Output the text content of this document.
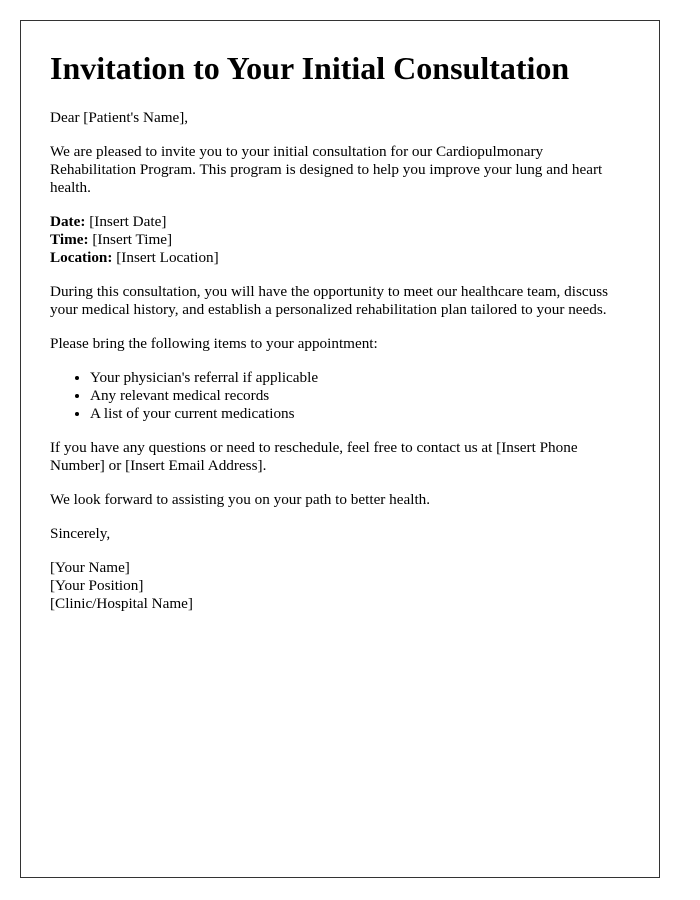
Invitation to Your Initial Consultation

Dear [Patient's Name],

We are pleased to invite you to your initial consultation for our Cardiopulmonary Rehabilitation Program. This program is designed to help you improve your lung and heart health.

Date: [Insert Date]

Time: [Insert Time]

Location: [Insert Location]

During this consultation, you will have the opportunity to meet our healthcare team, discuss your medical history, and establish a personalized rehabilitation plan tailored to your needs.

Please bring the following items to your appointment:

• Your physician's referral if applicable
• Any relevant medical records
• A list of your current medications

If you have any questions or need to reschedule, feel free to contact us at [Insert Phone Number] or [Insert Email Address].

We look forward to assisting you on your path to better health.

Sincerely,

[Your Name]

[Your Position]

[Clinic/Hospital Name]
